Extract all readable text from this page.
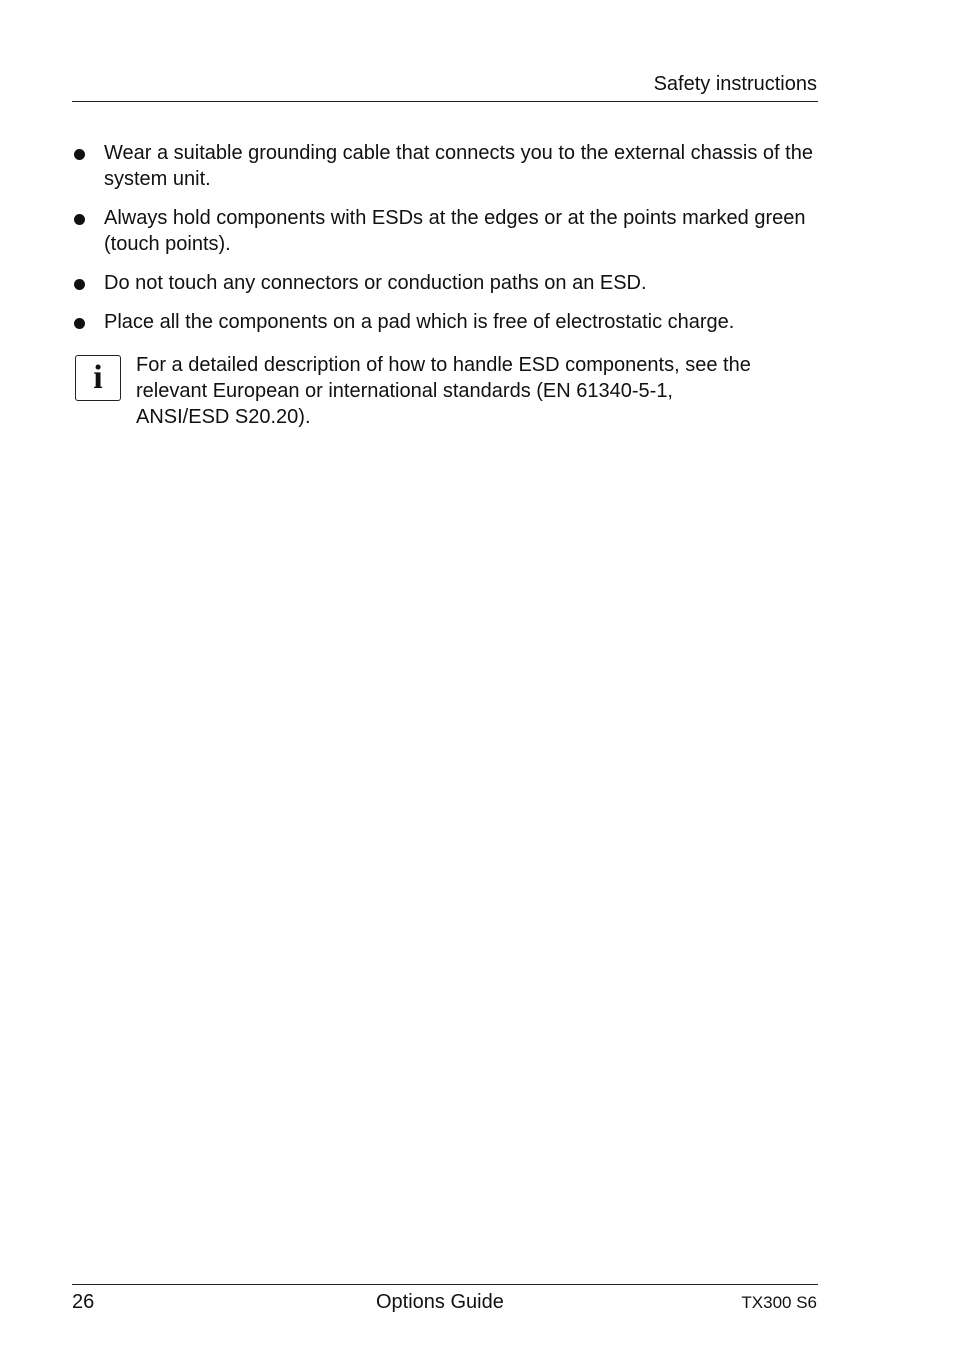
Safety instructions
Wear a suitable grounding cable that connects you to the external chassis of the system unit.
Always hold components with ESDs at the edges or at the points marked green (touch points).
Do not touch any connectors or conduction paths on an ESD.
Place all the components on a pad which is free of electrostatic charge.
i	For a detailed description of how to handle ESD components, see the
relevant European or international standards (EN 61340-5-1,
ANSI/ESD S20.20).
26	Options Guide	TX300 S6
